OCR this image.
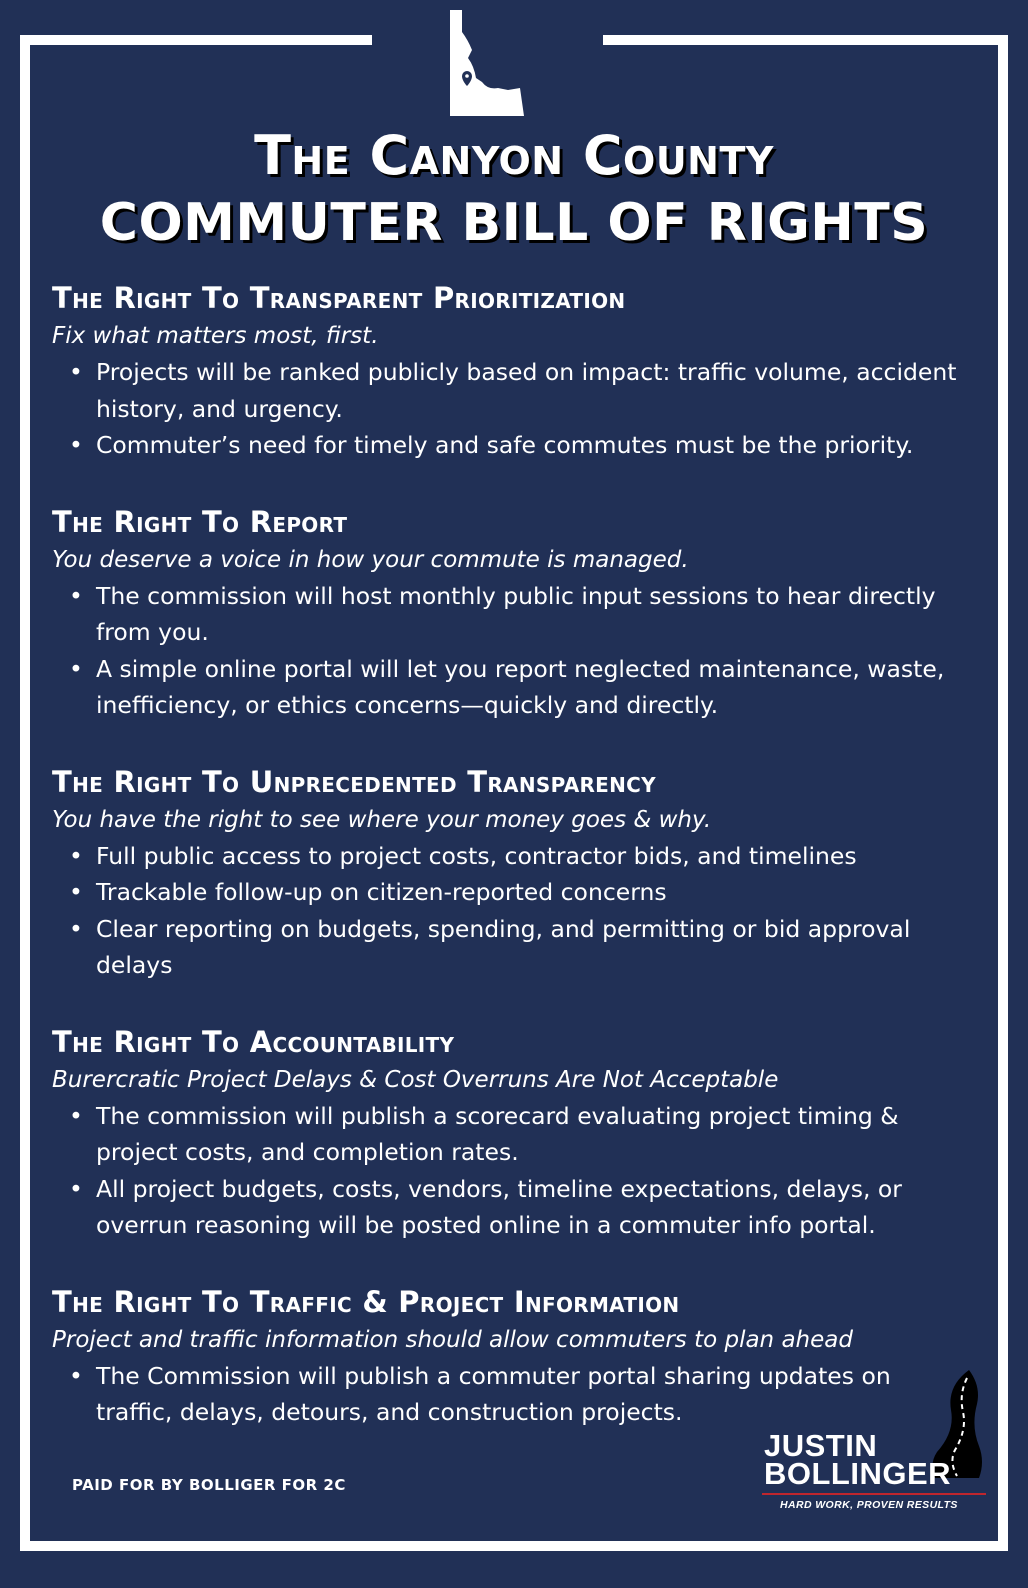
The Canyon County
COMMUTER BILL OF RIGHTS
The Right To Transparent Prioritization

Fix what matters most, first.

• Projects will be ranked publicly based on impact: traffic volume, accident history, and urgency.
• Commuter’s need for timely and safe commutes must be the priority.
The Right To Report

You deserve a voice in how your commute is managed.

• The commission will host monthly public input sessions to hear directly from you.
• A simple online portal will let you report neglected maintenance, waste, inefficiency, or ethics concerns—quickly and directly.
The Right To Unprecedented Transparency

You have the right to see where your money goes & why.

• Full public access to project costs, contractor bids, and timelines
• Trackable follow-up on citizen-reported concerns
• Clear reporting on budgets, spending, and permitting or bid approval delays
The Right To Accountability

Burercratic Project Delays & Cost Overruns Are Not Acceptable

• The commission will publish a scorecard evaluating project timing & project costs, and completion rates.
• All project budgets, costs, vendors, timeline expectations, delays, or overrun reasoning will be posted online in a commuter info portal.
The Right To Traffic & Project Information

Project and traffic information should allow commuters to plan ahead

• The Commission will publish a commuter portal sharing updates on traffic, delays, detours, and construction projects.
PAID FOR BY BOLLIGER FOR 2C
JUSTIN
BOLLINGER
HARD WORK, PROVEN RESULTS
